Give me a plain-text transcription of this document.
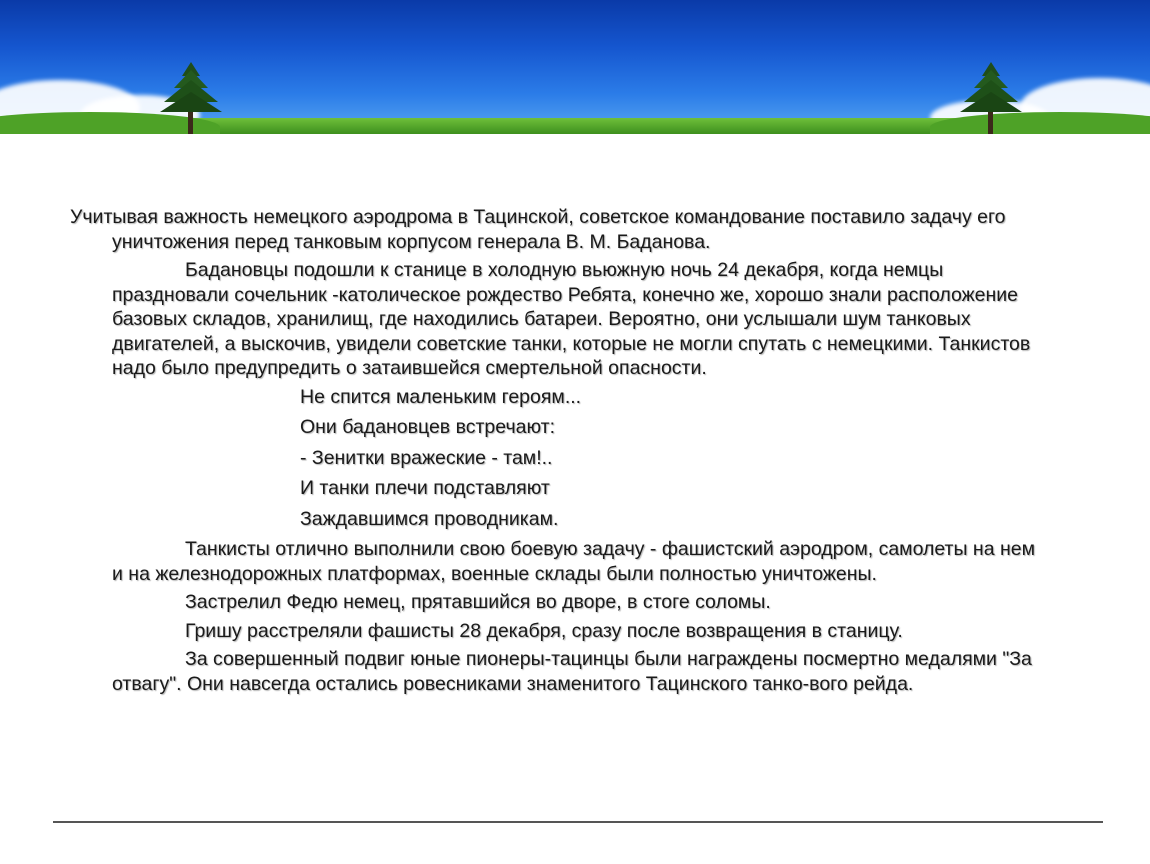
Учитывая важность немецкого аэродрома в Тацинской, советское командование поставило задачу его уничтожения перед танковым корпусом генерала В. М. Баданова.

Бадановцы подошли к станице в холодную вьюжную ночь 24 декабря, когда немцы праздновали сочельник -католическое рождество Ребята, конечно же, хорошо знали расположение базовых складов, хранилищ, где находились батареи. Вероятно, они услышали шум танковых двигателей, а выскочив, увидели советские танки, которые не могли спутать с немецкими. Танкистов надо было предупредить о затаившейся смертельной опасности.

Не спится маленьким героям...

Они бадановцев встречают:

- Зенитки вражеские - там!..

И танки плечи подставляют

Заждавшимся проводникам.

Танкисты отлично выполнили свою боевую задачу - фашистский аэродром, самолеты на нем и на железнодорожных платформах, военные склады были полностью уничтожены.

Застрелил Федю немец, прятавшийся во дворе, в стоге соломы.

Гришу расстреляли фашисты 28 декабря, сразу после возвращения в станицу.

За совершенный подвиг юные пионеры-тацинцы были награждены посмертно медалями "За отвагу". Они навсегда остались ровесниками знаменитого Тацинского танко-вого рейда.
